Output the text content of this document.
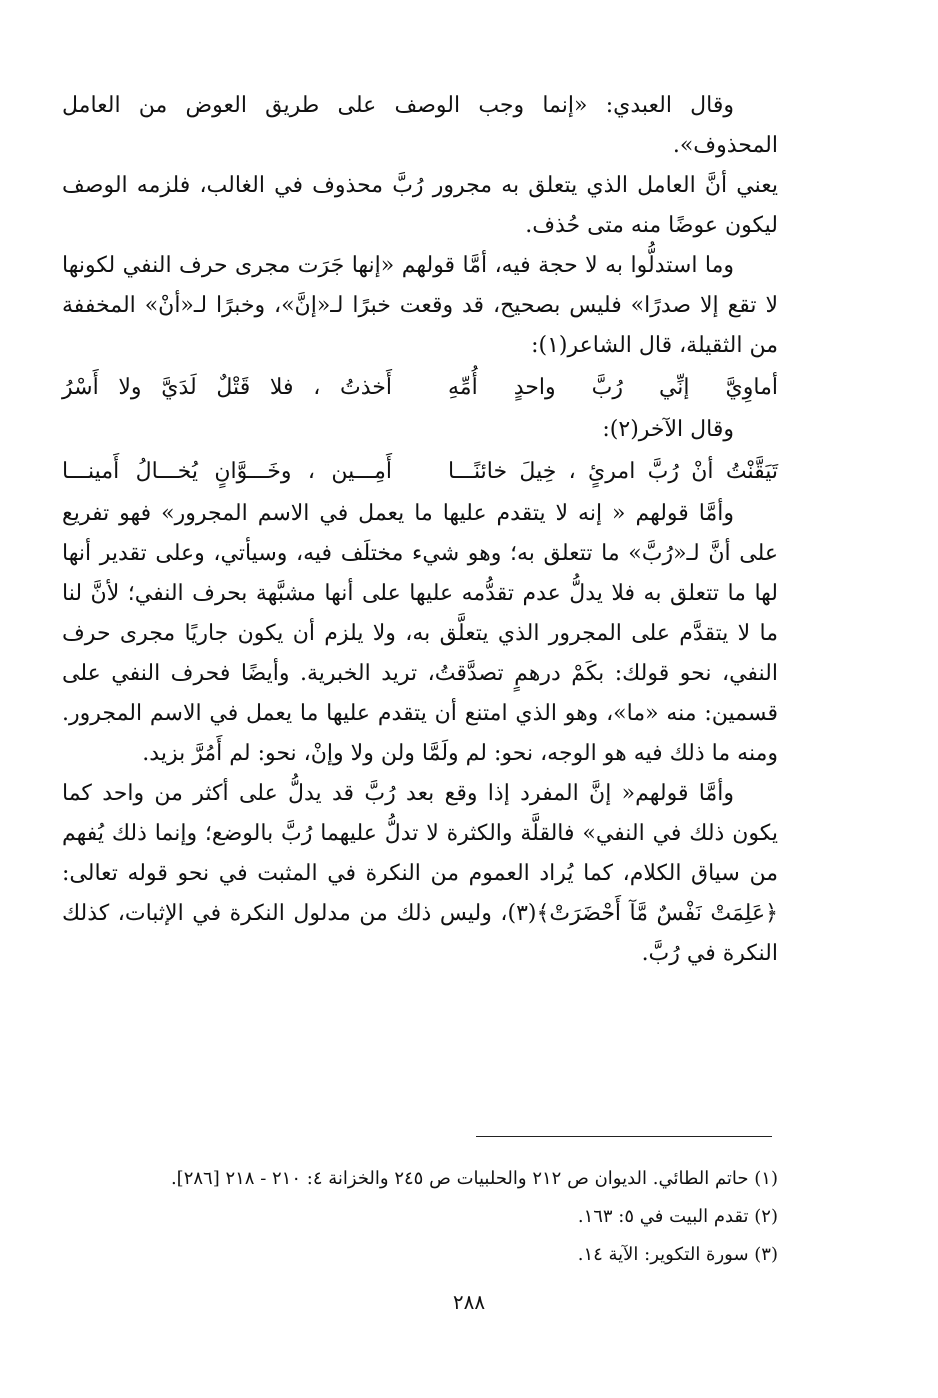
وقال العبدي: «إنما وجب الوصف على طريق العوض من العامل المحذوف».

يعني أنَّ العامل الذي يتعلق به مجرور رُبَّ محذوف في الغالب، فلزمه الوصف ليكون عوضًا منه متى حُذف.

وما استدلُّوا به لا حجة فيه، أمَّا قولهم «إنها جَرَت مجرى حرف النفي لكونها لا تقع إلا صدرًا» فليس بصحيح، قد وقعت خبرًا لـ«إنَّ»، وخبرًا لـ«أنْ» المخففة من الثقيلة، قال الشاعر(١):

أماوِيَّ إنِّي رُبَّ واحدٍ أُمِّهِ
أَخذتُ ، فلا قَتْلٌ لَدَيَّ ولا أَسْرُ

وقال الآخر(٢):

تَيَقَّنْتُ أنْ رُبَّ امرئٍ ، خِيلَ خائنًـــا
أَمِـــين ، وخَـــوَّانٍ يُخـــالُ أَمينـــا

وأمَّا قولهم « إنه لا يتقدم عليها ما يعمل في الاسم المجرور» فهو تفريع على أنَّ لـ«رُبَّ» ما تتعلق به؛ وهو شيء مختلَف فيه، وسيأتي، وعلى تقدير أنها لها ما تتعلق به فلا يدلُّ عدم تقدُّمه عليها على أنها مشبَّهة بحرف النفي؛ لأنَّ لنا ما لا يتقدَّم على المجرور الذي يتعلَّق به، ولا يلزم أن يكون جاريًا مجرى حرف النفي، نحو قولك: بكَمْ درهمٍ تصدَّقتُ، تريد الخبرية. وأيضًا فحرف النفي على قسمين: منه «ما»، وهو الذي امتنع أن يتقدم عليها ما يعمل في الاسم المجرور. ومنه ما ذلك فيه هو الوجه، نحو: لم ولَمَّا ولن ولا وإنْ، نحو: لم أَمُرَّ بزيد.

وأمَّا قولهم« إنَّ المفرد إذا وقع بعد رُبَّ قد يدلُّ على أكثر من واحد كما يكون ذلك في النفي» فالقلَّة والكثرة لا تدلُّ عليهما رُبَّ بالوضع؛ وإنما ذلك يُفهم من سياق الكلام، كما يُراد العموم من النكرة في المثبت في نحو قوله تعالى: ﴿عَلِمَتْ نَفْسٌ مَّآ أَحْضَرَتْ﴾(٣)، وليس ذلك من مدلول النكرة في الإثبات، كذلك النكرة في رُبَّ.

(١) حاتم الطائي. الديوان ص ٢١٢ والحلبيات ص ٢٤٥ والخزانة ٤: ٢١٠ - ٢١٨ [٢٨٦].

(٢) تقدم البيت في ٥: ١٦٣.

(٣) سورة التكوير: الآية ١٤.

٢٨٨
